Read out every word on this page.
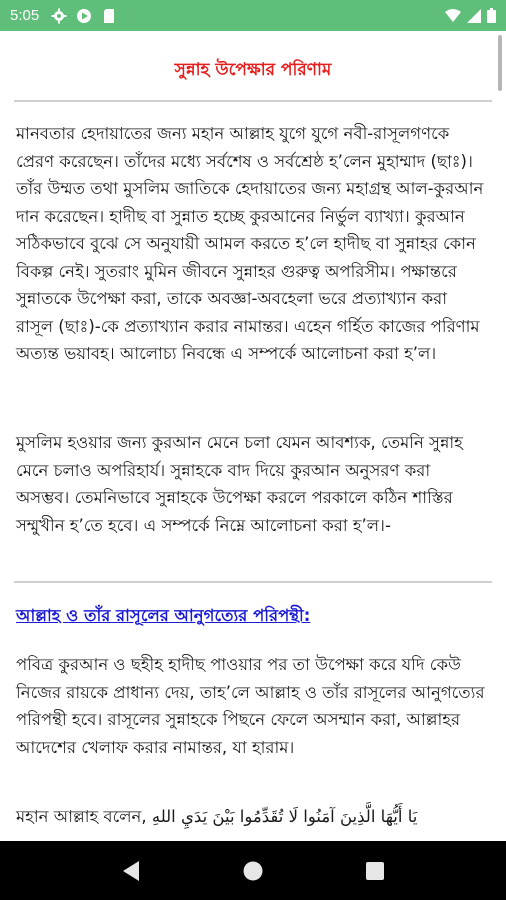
5:05
সুন্নাহ উপেক্ষার পরিণাম
মানবতার হেদায়াতের জন্য মহান আল্লাহ যুগে যুগে নবী-রাসূলগণকে প্রেরণ করেছেন। তাঁদের মধ্যে সর্বশেষ ও সর্বশ্রেষ্ঠ হ’লেন মুহাম্মাদ (ছাঃ)। তাঁর উম্মত তথা মুসলিম জাতিকে হেদায়াতের জন্য মহাগ্রন্থ আল-কুরআন দান করেছেন। হাদীছ বা সুন্নাত হচ্ছে কুরআনের নির্ভুল ব্যাখ্যা। কুরআন সঠিকভাবে বুঝে সে অনুযায়ী আমল করতে হ’লে হাদীছ বা সুন্নাহর কোন বিকল্প নেই। সুতরাং মুমিন জীবনে সুন্নাহর গুরুত্ব অপরিসীম। পক্ষান্তরে সুন্নাতকে উপেক্ষা করা, তাকে অবজ্ঞা-অবহেলা ভরে প্রত্যাখ্যান করা রাসূল (ছাঃ)-কে প্রত্যাখ্যান করার নামান্তর। এহেন গর্হিত কাজের পরিণাম অত্যন্ত ভয়াবহ। আলোচ্য নিবন্ধে এ সম্পর্কে আলোচনা করা হ’ল।
মুসলিম হওয়ার জন্য কুরআন মেনে চলা যেমন আবশ্যক, তেমনি সুন্নাহ মেনে চলাও অপরিহার্য। সুন্নাহকে বাদ দিয়ে কুরআন অনুসরণ করা অসম্ভব। তেমনিভাবে সুন্নাহকে উপেক্ষা করলে পরকালে কঠিন শাস্তির সম্মুখীন হ’তে হবে। এ সম্পর্কে নিম্নে আলোচনা করা হ’ল।-
আল্লাহ ও তাঁর রাসূলের আনুগত্যের পরিপন্থী:
পবিত্র কুরআন ও ছহীহ হাদীছ পাওয়ার পর তা উপেক্ষা করে যদি কেউ নিজের রায়কে প্রাধান্য দেয়, তাহ’লে আল্লাহ ও তাঁর রাসূলের আনুগত্যের পরিপন্থী হবে। রাসূলের সুন্নাহকে পিছনে ফেলে অসম্মান করা, আল্লাহর আদেশের খেলাফ করার নামান্তর, যা হারাম।
মহান আল্লাহ বলেন, يَا أَيُّهَا الَّذِينَ آمَنُوا لَا تُقَدِّمُوا بَيْنَ يَدَيِ اللهِ
